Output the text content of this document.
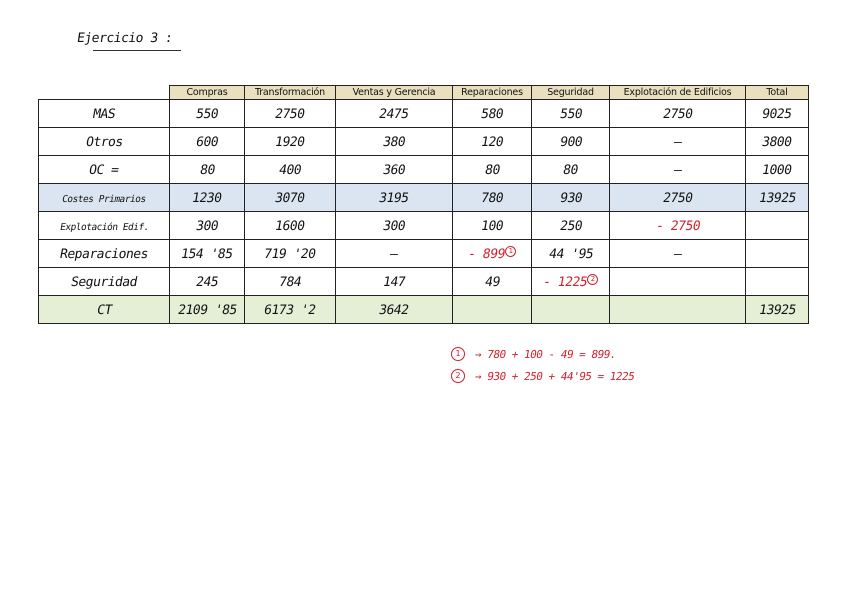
Ejercicio 3 :
	Compras	Transformación	Ventas y Gerencia	Reparaciones	Seguridad	Explotación de Edificios	Total
MAS	550	2750	2475	580	550	2750	9025
Otros	600	1920	380	120	900	–	3800
OC =	80	400	360	80	80	–	1000
Costes Primarios	1230	3070	3195	780	930	2750	13925
Explotación Edif.	300	1600	300	100	250	- 2750	
Reparaciones	154 '85	719 '20	–	- 899 1	44 '95	–	
Seguridad	245	784	147	49	- 1225 2		
CT	2109 '85	6173 '2	3642				13925
1	→ 780 + 100 - 49 = 899.
2	→ 930 + 250 + 44'95 = 1225
